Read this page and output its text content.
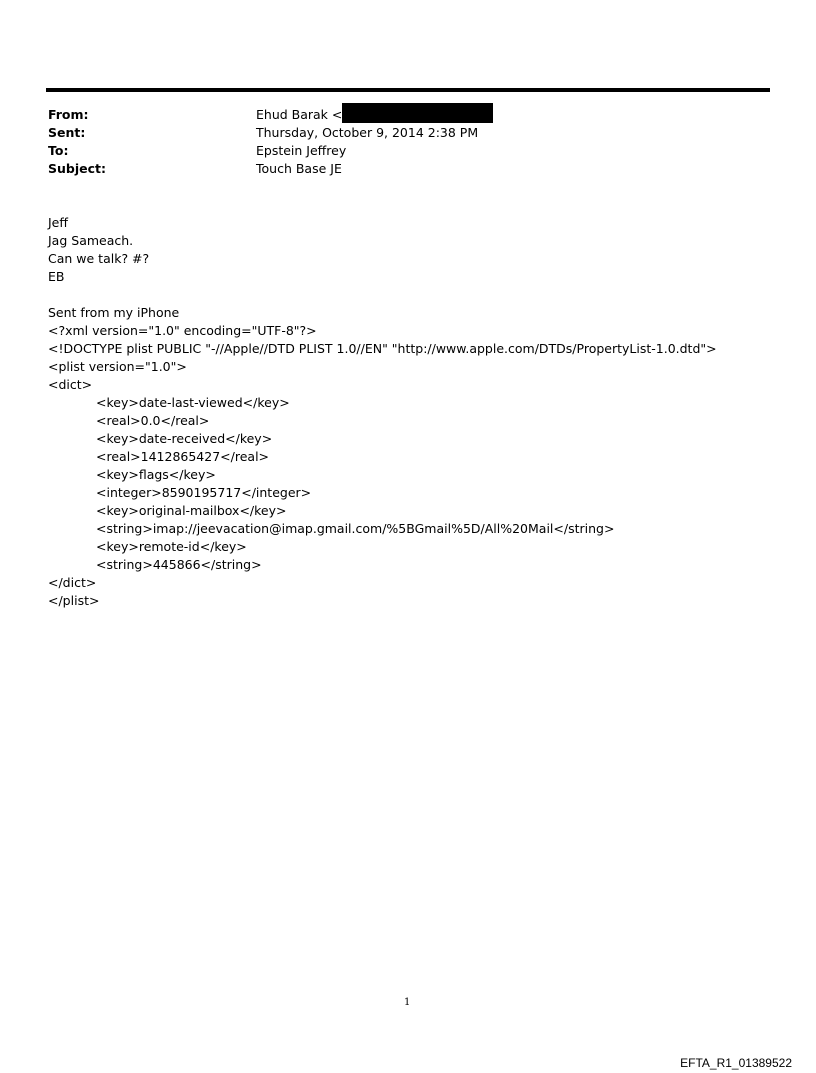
From:	Ehud Barak <
Sent:	Thursday, October 9, 2014 2:38 PM
To:	Epstein Jeffrey
Subject:	Touch Base JE
Jeff
Jag Sameach.
Can we talk? #?
EB
Sent from my iPhone
<?xml version="1.0" encoding="UTF-8"?>
<!DOCTYPE plist PUBLIC "-//Apple//DTD PLIST 1.0//EN" "http://www.apple.com/DTDs/PropertyList-1.0.dtd">
<plist version="1.0">
<dict>
<key>date-last-viewed</key>
<real>0.0</real>
<key>date-received</key>
<real>1412865427</real>
<key>flags</key>
<integer>8590195717</integer>
<key>original-mailbox</key>
<string>imap://jeevacation@imap.gmail.com/%5BGmail%5D/All%20Mail</string>
<key>remote-id</key>
<string>445866</string>
</dict>
</plist>
1
EFTA_R1_01389522
